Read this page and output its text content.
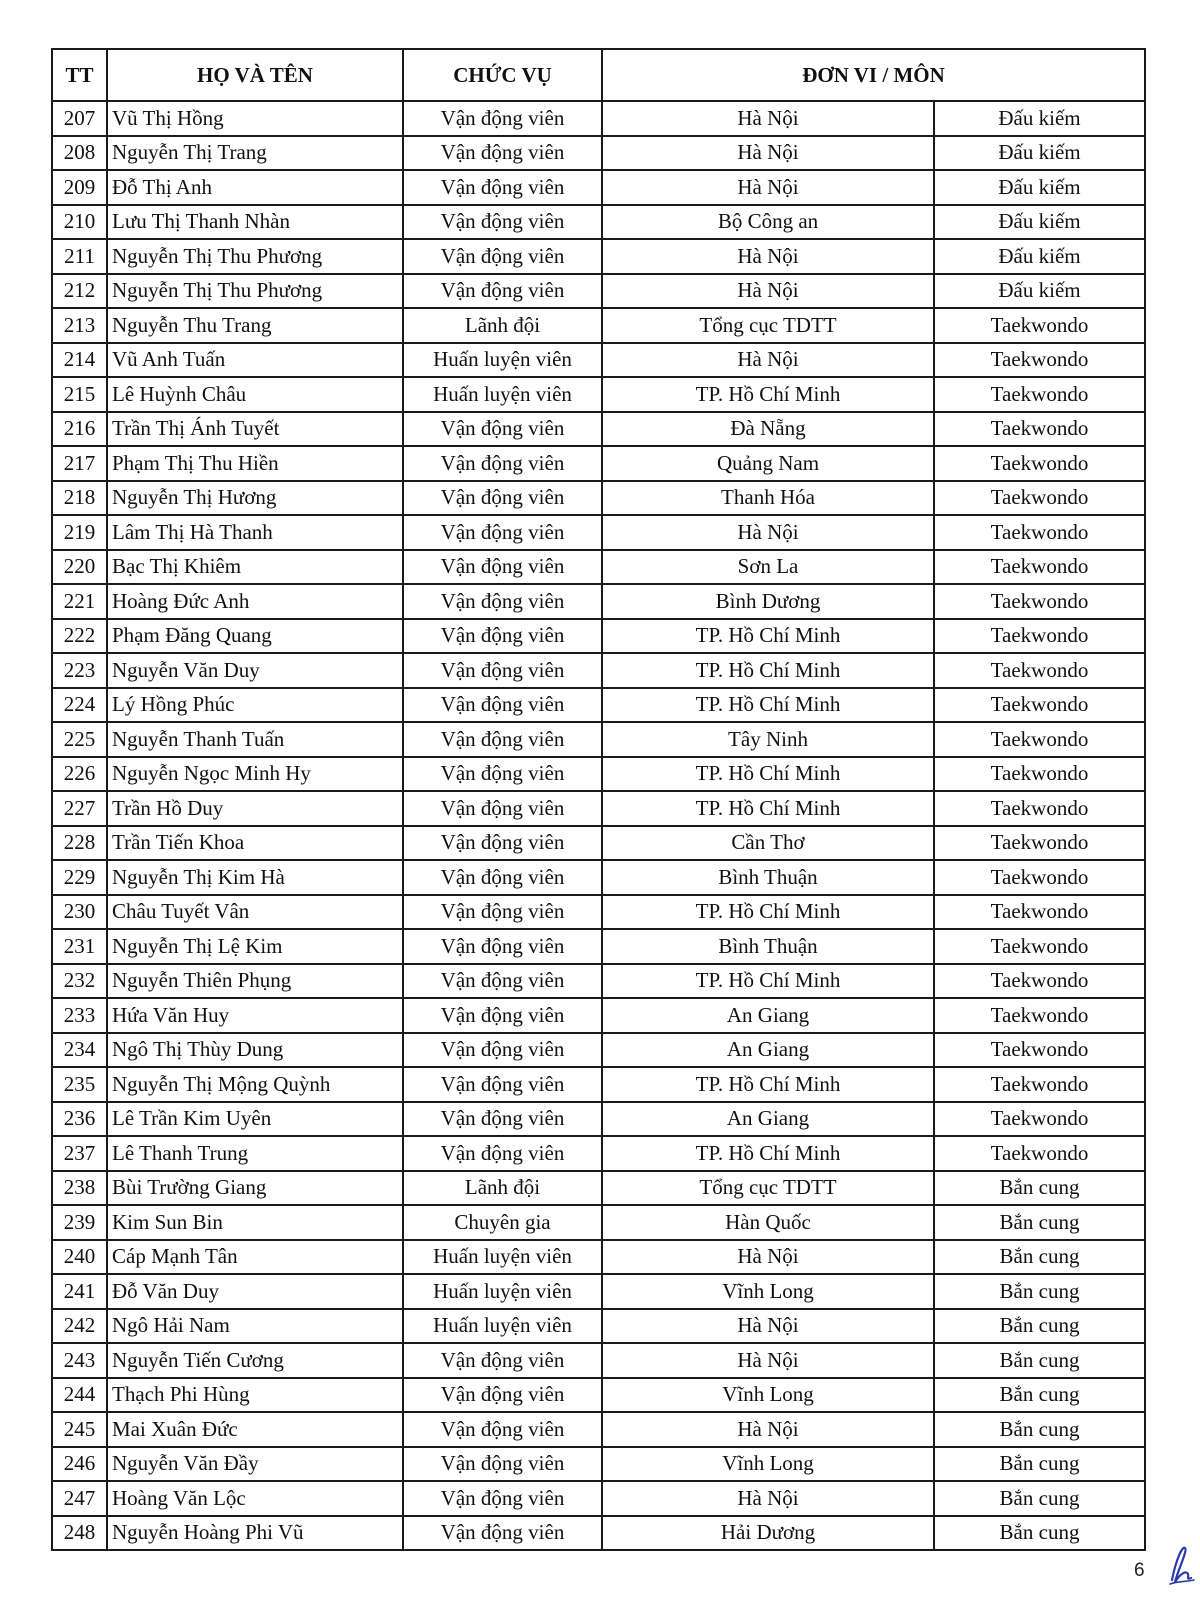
TT	HỌ VÀ TÊN	CHỨC VỤ	ĐƠN VI / MÔN	
207	Vũ Thị Hồng	Vận động viên	Hà Nội	Đấu kiếm
208	Nguyễn Thị Trang	Vận động viên	Hà Nội	Đấu kiếm
209	Đỗ Thị Anh	Vận động viên	Hà Nội	Đấu kiếm
210	Lưu Thị Thanh Nhàn	Vận động viên	Bộ Công an	Đấu kiếm
211	Nguyễn Thị Thu Phương	Vận động viên	Hà Nội	Đấu kiếm
212	Nguyễn Thị Thu Phương	Vận động viên	Hà Nội	Đấu kiếm
213	Nguyễn Thu Trang	Lãnh đội	Tổng cục TDTT	Taekwondo
214	Vũ Anh Tuấn	Huấn luyện viên	Hà Nội	Taekwondo
215	Lê Huỳnh Châu	Huấn luyện viên	TP. Hồ Chí Minh	Taekwondo
216	Trần Thị Ánh Tuyết	Vận động viên	Đà Nẵng	Taekwondo
217	Phạm Thị Thu Hiền	Vận động viên	Quảng Nam	Taekwondo
218	Nguyễn Thị Hương	Vận động viên	Thanh Hóa	Taekwondo
219	Lâm Thị Hà Thanh	Vận động viên	Hà Nội	Taekwondo
220	Bạc Thị Khiêm	Vận động viên	Sơn La	Taekwondo
221	Hoàng Đức Anh	Vận động viên	Bình Dương	Taekwondo
222	Phạm Đăng Quang	Vận động viên	TP. Hồ Chí Minh	Taekwondo
223	Nguyễn Văn Duy	Vận động viên	TP. Hồ Chí Minh	Taekwondo
224	Lý Hồng Phúc	Vận động viên	TP. Hồ Chí Minh	Taekwondo
225	Nguyễn Thanh Tuấn	Vận động viên	Tây Ninh	Taekwondo
226	Nguyễn Ngọc Minh Hy	Vận động viên	TP. Hồ Chí Minh	Taekwondo
227	Trần Hồ Duy	Vận động viên	TP. Hồ Chí Minh	Taekwondo
228	Trần Tiến Khoa	Vận động viên	Cần Thơ	Taekwondo
229	Nguyễn Thị Kim Hà	Vận động viên	Bình Thuận	Taekwondo
230	Châu Tuyết Vân	Vận động viên	TP. Hồ Chí Minh	Taekwondo
231	Nguyễn Thị Lệ Kim	Vận động viên	Bình Thuận	Taekwondo
232	Nguyễn Thiên Phụng	Vận động viên	TP. Hồ Chí Minh	Taekwondo
233	Hứa Văn Huy	Vận động viên	An Giang	Taekwondo
234	Ngô Thị Thùy Dung	Vận động viên	An Giang	Taekwondo
235	Nguyễn Thị Mộng Quỳnh	Vận động viên	TP. Hồ Chí Minh	Taekwondo
236	Lê Trần Kim Uyên	Vận động viên	An Giang	Taekwondo
237	Lê Thanh Trung	Vận động viên	TP. Hồ Chí Minh	Taekwondo
238	Bùi Trường Giang	Lãnh đội	Tổng cục TDTT	Bắn cung
239	Kim Sun Bin	Chuyên gia	Hàn Quốc	Bắn cung
240	Cáp Mạnh Tân	Huấn luyện viên	Hà Nội	Bắn cung
241	Đỗ Văn Duy	Huấn luyện viên	Vĩnh Long	Bắn cung
242	Ngô Hải Nam	Huấn luyện viên	Hà Nội	Bắn cung
243	Nguyễn Tiến Cương	Vận động viên	Hà Nội	Bắn cung
244	Thạch Phi Hùng	Vận động viên	Vĩnh Long	Bắn cung
245	Mai Xuân Đức	Vận động viên	Hà Nội	Bắn cung
246	Nguyễn Văn Đầy	Vận động viên	Vĩnh Long	Bắn cung
247	Hoàng Văn Lộc	Vận động viên	Hà Nội	Bắn cung
248	Nguyễn Hoàng Phi Vũ	Vận động viên	Hải Dương	Bắn cung
6
